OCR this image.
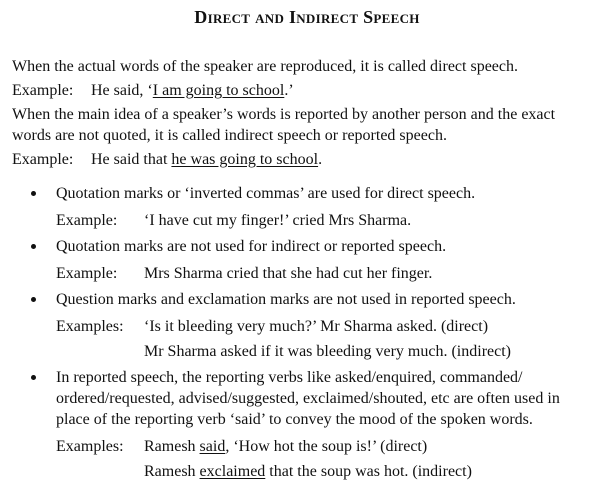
Direct and Indirect Speech

When the actual words of the speaker are reproduced, it is called direct speech.

Example:	He said, ‘I am going to school.’

When the main idea of a speaker’s words is reported by another person and the exact words are not quoted, it is called indirect speech or reported speech.

Example:	He said that he was going to school.

Quotation marks or ‘inverted commas’ are used for direct speech.

Example:	‘I have cut my finger!’ cried Mrs Sharma.

Quotation marks are not used for indirect or reported speech.

Example:	Mrs Sharma cried that she had cut her finger.

Question marks and exclamation marks are not used in reported speech.

Examples:	‘Is it bleeding very much?’ Mr Sharma asked. (direct)
Mr Sharma asked if it was bleeding very much. (indirect)

In reported speech, the reporting verbs like asked/enquired, commanded/ ordered/requested, advised/suggested, exclaimed/shouted, etc are often used in place of the reporting verb ‘said’ to convey the mood of the spoken words.

Examples:	Ramesh said, ‘How hot the soup is!’ (direct)
Ramesh exclaimed that the soup was hot. (indirect)
